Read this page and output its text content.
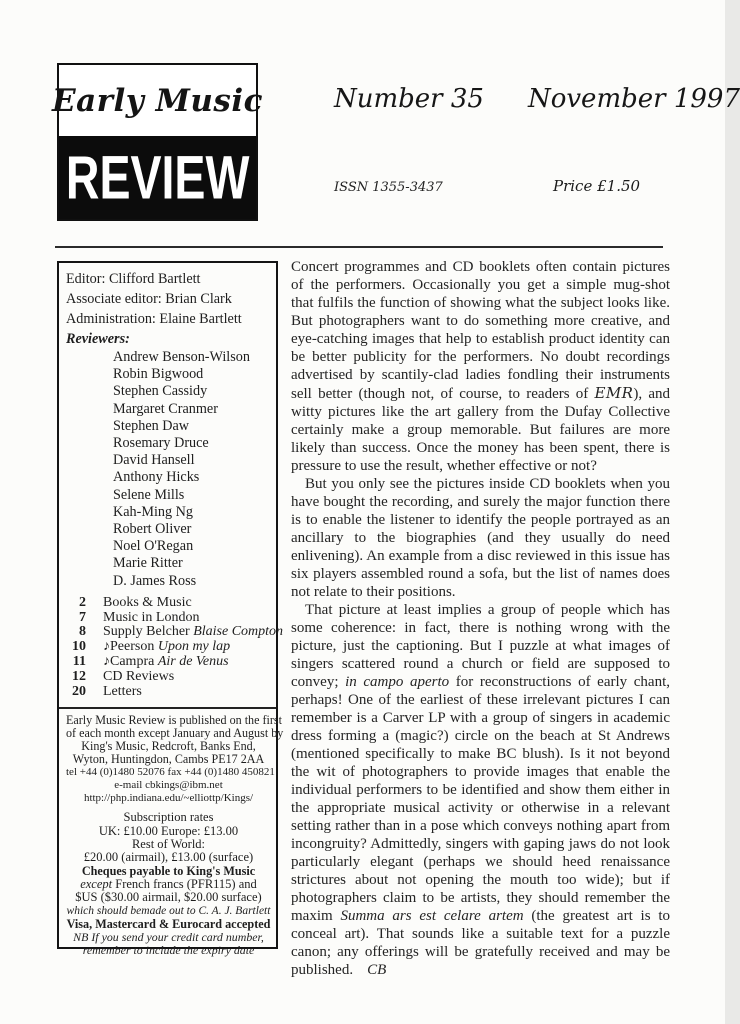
Early Music
REVIEW
Number 35 November 1997
ISSN 1355-3437	Price £1.50
Editor: Clifford Bartlett
Associate editor: Brian Clark
Administration: Elaine Bartlett
Reviewers:
Andrew Benson-Wilson
Robin Bigwood
Stephen Cassidy
Margaret Cranmer
Stephen Daw
Rosemary Druce
David Hansell
Anthony Hicks
Selene Mills
Kah-Ming Ng
Robert Oliver
Noel O'Regan
Marie Ritter
D. James Ross
2 Books & Music
7 Music in London
8 Supply Belcher Blaise Compton
10 ♪Peerson Upon my lap
11 ♪Campra Air de Venus
12 CD Reviews
20 Letters
Early Music Review is published on the first
of each month except January and August by
King's Music, Redcroft, Banks End,
Wyton, Huntingdon, Cambs PE17 2AA
tel +44 (0)1480 52076 fax +44 (0)1480 450821
e-mail cbkings@ibm.net
http://php.indiana.edu/~elliottp/Kings/
Subscription rates
UK: £10.00 Europe: £13.00
Rest of World:
£20.00 (airmail), £13.00 (surface)
Cheques payable to King's Music
except French francs (PFR115) and
$US ($30.00 airmail, $20.00 surface)
which should bemade out to C. A. J. Bartlett
Visa, Mastercard & Eurocard accepted
NB If you send your credit card number,
remember to include the expiry date

Concert programmes and CD booklets often contain pictures of the performers. Occasionally you get a simple mug-shot that fulfils the function of showing what the subject looks like. But photographers want to do something more creative, and eye-catching images that help to establish product identity can be better publicity for the performers. No doubt recordings advertised by scantily-clad ladies fondling their instruments sell better (though not, of course, to readers of EMR), and witty pictures like the art gallery from the Dufay Collective certainly make a group memorable. But failures are more likely than success. Once the money has been spent, there is pressure to use the result, whether effective or not?

But you only see the pictures inside CD booklets when you have bought the recording, and surely the major function there is to enable the listener to identify the people portrayed as an ancillary to the biographies (and they usually do need enlivening). An example from a disc reviewed in this issue has six players assembled round a sofa, but the list of names does not relate to their positions.

That picture at least implies a group of people which has some coherence: in fact, there is nothing wrong with the picture, just the captioning. But I puzzle at what images of singers scattered round a church or field are supposed to convey; in campo aperto for reconstructions of early chant, perhaps! One of the earliest of these irrelevant pictures I can remember is a Carver LP with a group of singers in academic dress forming a (magic?) circle on the beach at St Andrews (mentioned specifically to make BC blush). Is it not beyond the wit of photographers to provide images that enable the individual performers to be identified and show them either in the appropriate musical activity or otherwise in a relevant setting rather than in a pose which conveys nothing apart from incongruity? Admittedly, singers with gaping jaws do not look particularly elegant (perhaps we should heed renaissance strictures about not opening the mouth too wide); but if photographers claim to be artists, they should remember the maxim Summa ars est celare artem (the greatest art is to conceal art). That sounds like a suitable text for a puzzle canon; any offerings will be gratefully received and may be published. CB
